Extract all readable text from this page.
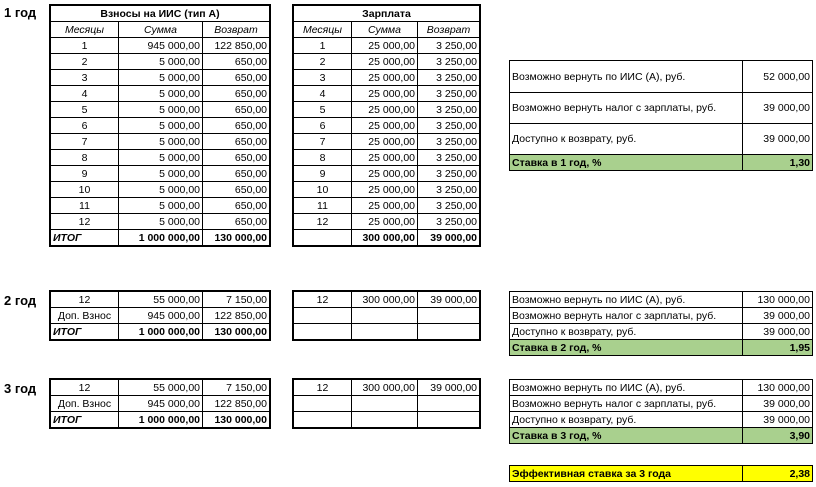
1 год
2 год
3 год
Взносы на ИИС (тип А)		
Месяцы	Сумма	Возврат
1	945 000,00	122 850,00
2	5 000,00	650,00
3	5 000,00	650,00
4	5 000,00	650,00
5	5 000,00	650,00
6	5 000,00	650,00
7	5 000,00	650,00
8	5 000,00	650,00
9	5 000,00	650,00
10	5 000,00	650,00
11	5 000,00	650,00
12	5 000,00	650,00
ИТОГ	1 000 000,00	130 000,00
Зарплата		
Месяцы	Сумма	Возврат
1	25 000,00	3 250,00
2	25 000,00	3 250,00
3	25 000,00	3 250,00
4	25 000,00	3 250,00
5	25 000,00	3 250,00
6	25 000,00	3 250,00
7	25 000,00	3 250,00
8	25 000,00	3 250,00
9	25 000,00	3 250,00
10	25 000,00	3 250,00
11	25 000,00	3 250,00
12	25 000,00	3 250,00
	300 000,00	39 000,00
Возможно вернуть по ИИС (А), руб.	52 000,00
Возможно вернуть налог с зарплаты, руб.	39 000,00
Доступно к возврату, руб.	39 000,00
Ставка в 1 год, %	1,30
12	55 000,00	7 150,00
Доп. Взнос	945 000,00	122 850,00
ИТОГ	1 000 000,00	130 000,00
12	300 000,00	39 000,00

			Возможно вернуть по ИИС (А), руб.	130 000,00
Возможно вернуть налог с зарплаты, руб.	39 000,00
Доступно к возврату, руб.	39 000,00
Ставка в 2 год, %	1,95
12	55 000,00	7 150,00
Доп. Взнос	945 000,00	122 850,00
ИТОГ	1 000 000,00	130 000,00
12	300 000,00	39 000,00

			Возможно вернуть по ИИС (А), руб.	130 000,00
Возможно вернуть налог с зарплаты, руб.	39 000,00
Доступно к возврату, руб.	39 000,00
Ставка в 3 год, %	3,90
Эффективная ставка за 3 года	2,38
